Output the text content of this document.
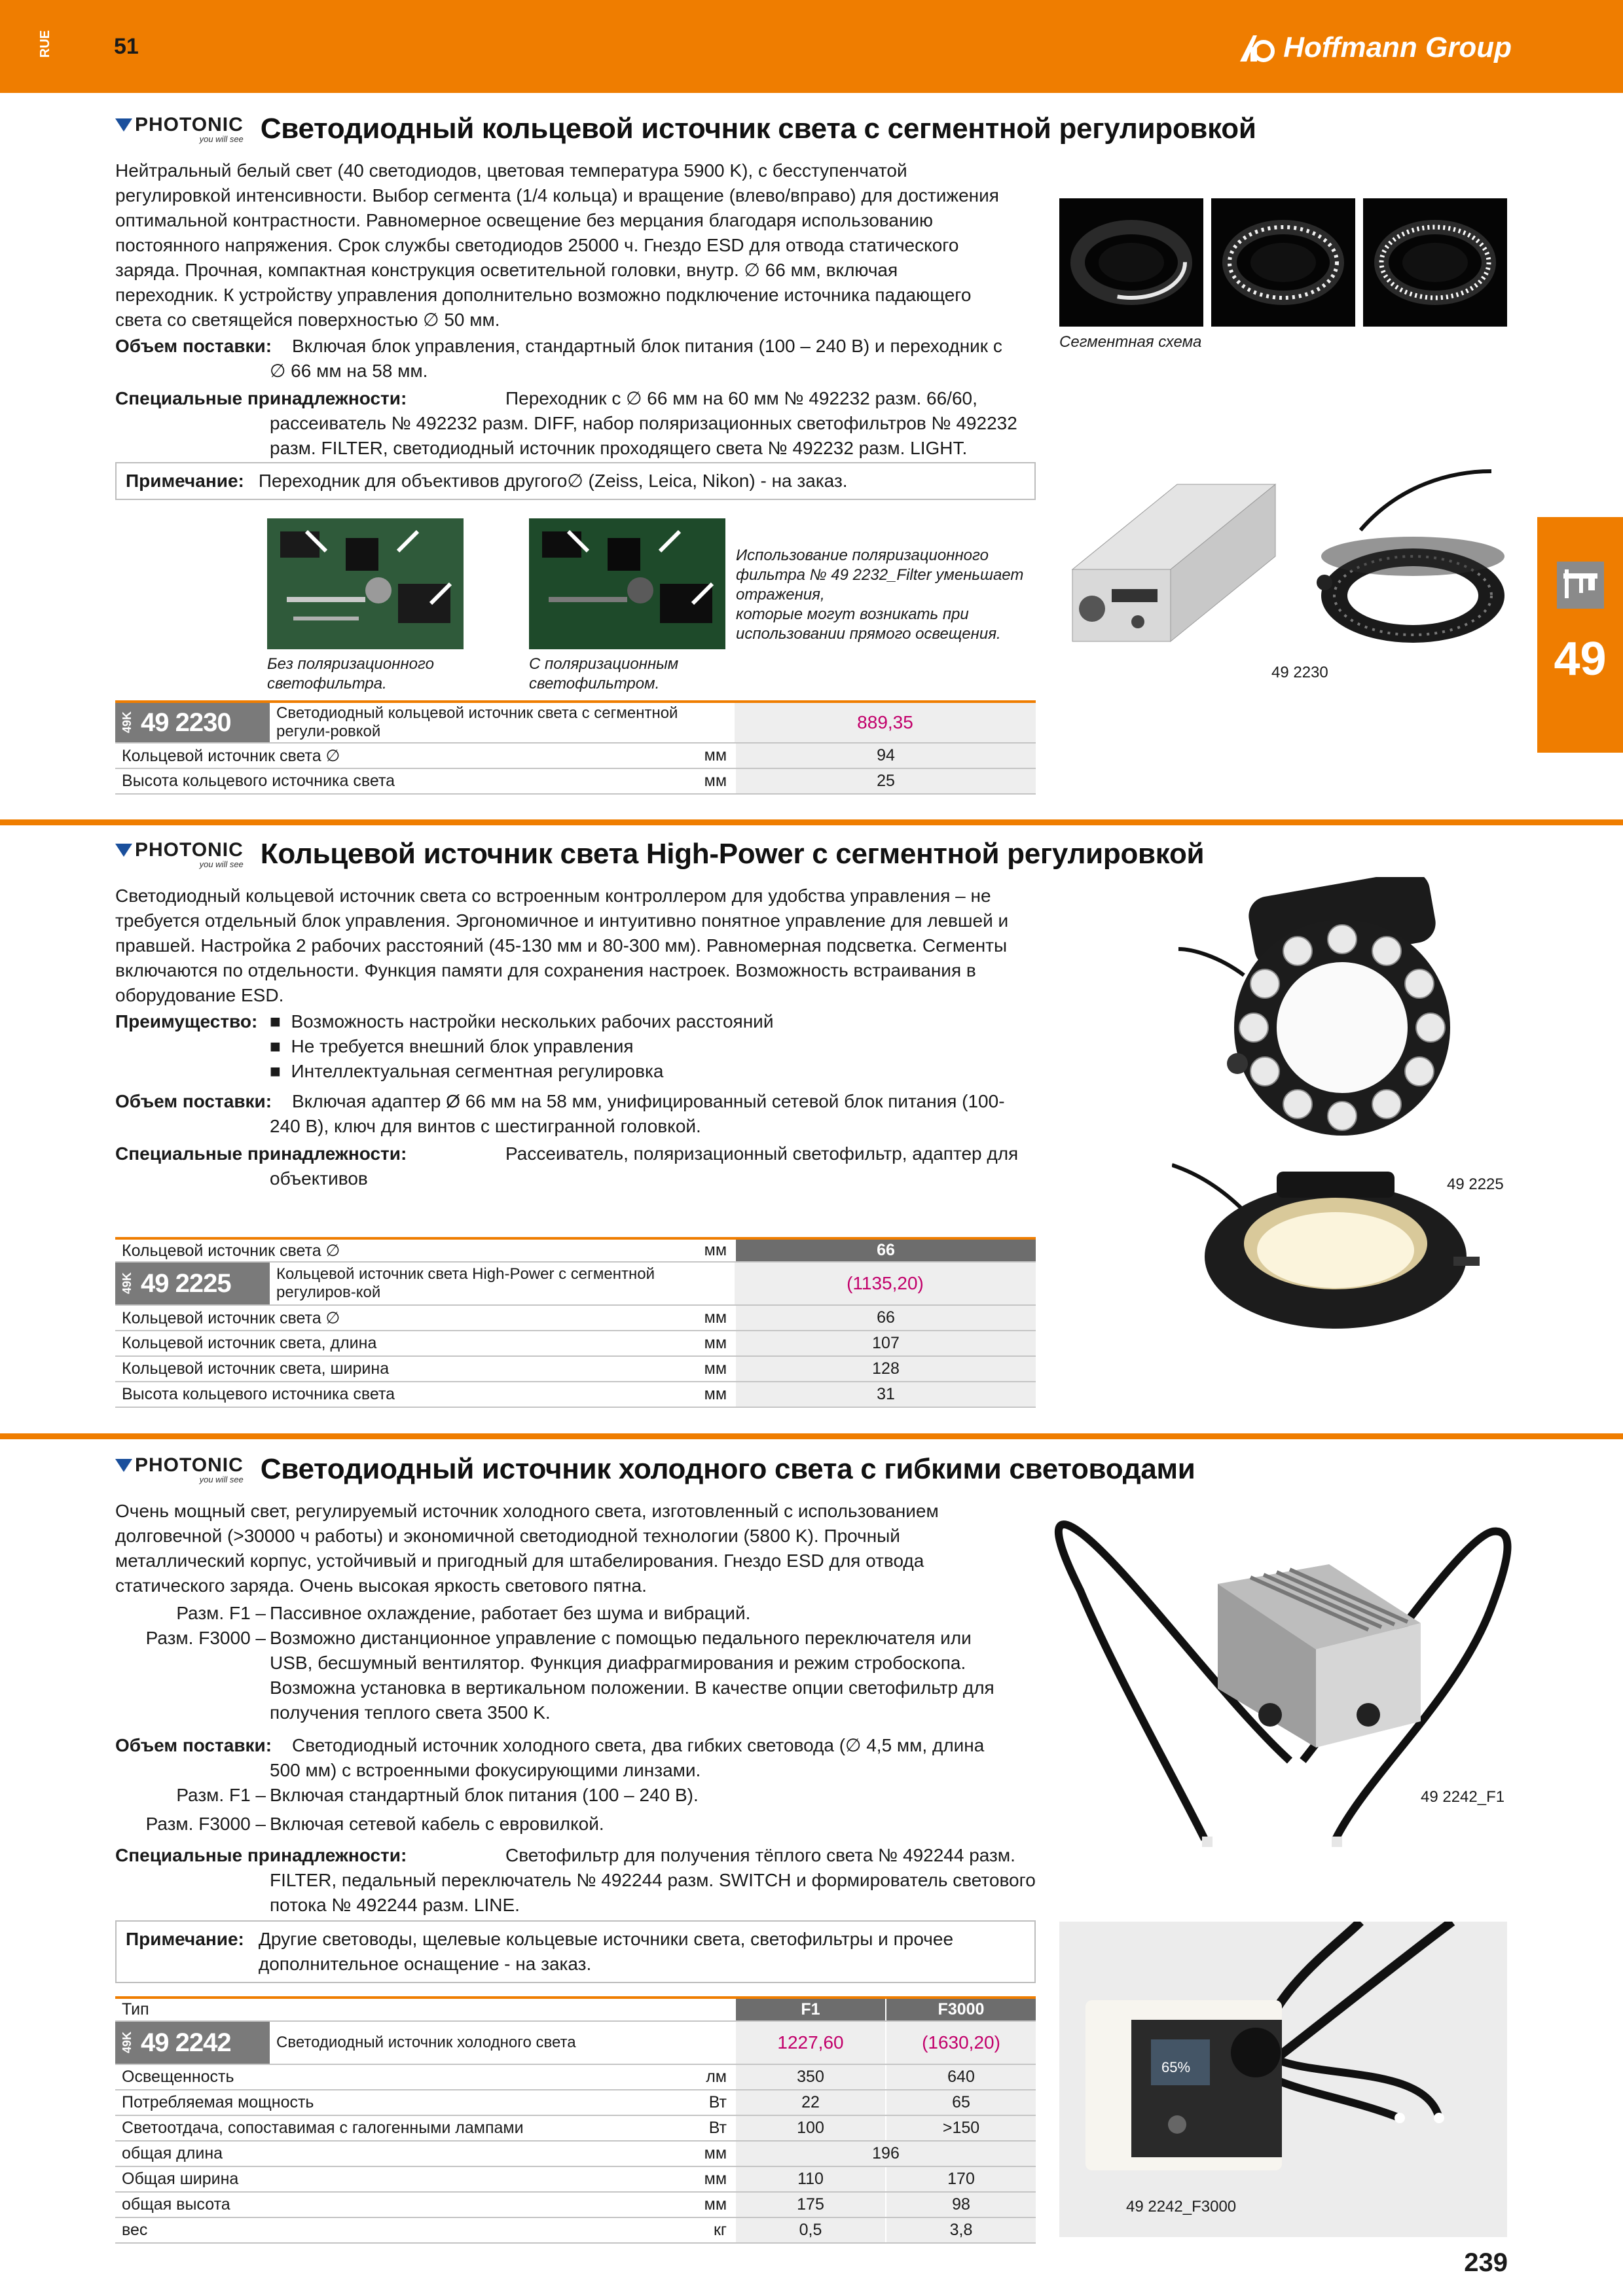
RUE	51	Hoffmann Group
49
PHOTONIC
you will see Светодиодный кольцевой источник света с сегментной регулировкой
Нейтральный белый свет (40 светодиодов, цветовая температура 5900 K), с бесступенчатой
регулировкой интенсивности. Выбор сегмента (1/4 кольца) и вращение (влево/вправо) для достижения
оптимальной контрастности. Равномерное освещение без мерцания благодаря использованию
постоянного напряжения. Срок службы светодиодов 25000 ч. Гнездо ESD для отвода статического
заряда. Прочная, компактная конструкция осветительной головки, внутр. ∅ 66 мм, включая
переходник. К устройству управления дополнительно возможно подключение источника падающего
света со светящейся поверхностью ∅ 50 мм.
Объем поставки:	Включая блок управления, стандартный блок питания (100 – 240 В) и переходник с
∅ 66 мм на 58 мм.
Специальные принадлежности:	Переходник с ∅ 66 мм на 60 мм № 492232 разм. 66/60,
рассеиватель № 492232 разм. DIFF, набор поляризационных светофильтров № 492232
разм. FILTER, светодиодный источник проходящего света № 492232 разм. LIGHT.
Примечание: Переходник для объективов другого∅ (Zeiss, Leica, Nikon) - на заказ.
Сегментная схема
49 2230
Без поляризационного
светофильтра.
С поляризационным
светофильтром.
Использование поляризационного
фильтра № 49 2232_Filter уменьшает
отражения,
которые могут возникать при
использовании прямого освещения.
49K 49 2230	Светодиодный кольцевой источник света с сегментной регули-ровкой	889,35
Кольцевой источник света ∅	мм	94
Высота кольцевого источника света	мм	25
PHOTONIC
you will see Кольцевой источник света High-Power с сегментной регулировкой
Светодиодный кольцевой источник света со встроенным контроллером для удобства управления – не
требуется отдельный блок управления. Эргономичное и интуитивно понятное управление для левшей и
правшей. Настройка 2 рабочих расстояний (45-130 мм и 80-300 мм). Равномерная подсветка. Сегменты
включаются по отдельности. Функция памяти для сохранения настроек. Возможность встраивания в
оборудование ESD.
Преимущество: ■ Возможность настройки нескольких рабочих расстояний
■ Не требуется внешний блок управления
■ Интеллектуальная сегментная регулировка
Объем поставки:	Включая адаптер Ø 66 мм на 58 мм, унифицированный сетевой блок питания (100-
240 В), ключ для винтов с шестигранной головкой.
Специальные принадлежности:	Рассеиватель, поляризационный светофильтр, адаптер для
объективов	49 2225
Кольцевой источник света ∅	мм	66
49K 49 2225	Кольцевой источник света High-Power с сегментной регулиров-кой	(1135,20)
Кольцевой источник света ∅	мм	66
Кольцевой источник света, длина	мм	107
Кольцевой источник света, ширина	мм	128
Высота кольцевого источника света	мм	31
PHOTONIC
you will see Светодиодный источник холодного света с гибкими световодами
Очень мощный свет, регулируемый источник холодного света, изготовленный с использованием
долговечной (>30000 ч работы) и экономичной светодиодной технологии (5800 K). Прочный
металлический корпус, устойчивый и пригодный для штабелирования. Гнездо ESD для отвода
статического заряда. Очень высокая яркость светового пятна.
Разм. F1 – Пассивное охлаждение, работает без шума и вибраций.
Разм. F3000 – Возможно дистанционное управление с помощью педального переключателя или
USB, бесшумный вентилятор. Функция диафрагмирования и режим стробоскопа.
Возможна установка в вертикальном положении. В качестве опции светофильтр для
получения теплого света 3500 K.
Объем поставки:	Светодиодный источник холодного света, два гибких световода (∅ 4,5 мм, длина
500 мм) с встроенными фокусирующими линзами.
Разм. F1 – Включая стандартный блок питания (100 – 240 В).
Разм. F3000 – Включая сетевой кабель с евровилкой.
Специальные принадлежности:	Светофильтр для получения тёплого света № 492244 разм.
FILTER, педальный переключатель № 492244 разм. SWITCH и формирователь светового
потока № 492244 разм. LINE.
Примечание: Другие световоды, щелевые кольцевые источники света, светофильтры и прочее
дополнительное оснащение - на заказ.
49 2242_F1
65%
49 2242_F3000
Тип	F1	F3000
49K 49 2242	Светодиодный источник холодного света	1227,60	(1630,20)
Освещенность	лм	350	640
Потребляемая мощность	Вт	22	65
Светоотдача, сопоставимая с галогенными лампами	Вт	100	>150
общая длина	мм	196
Общая ширина	мм	110	170
общая высота	мм	175	98
вес	кг	0,5	3,8
239
